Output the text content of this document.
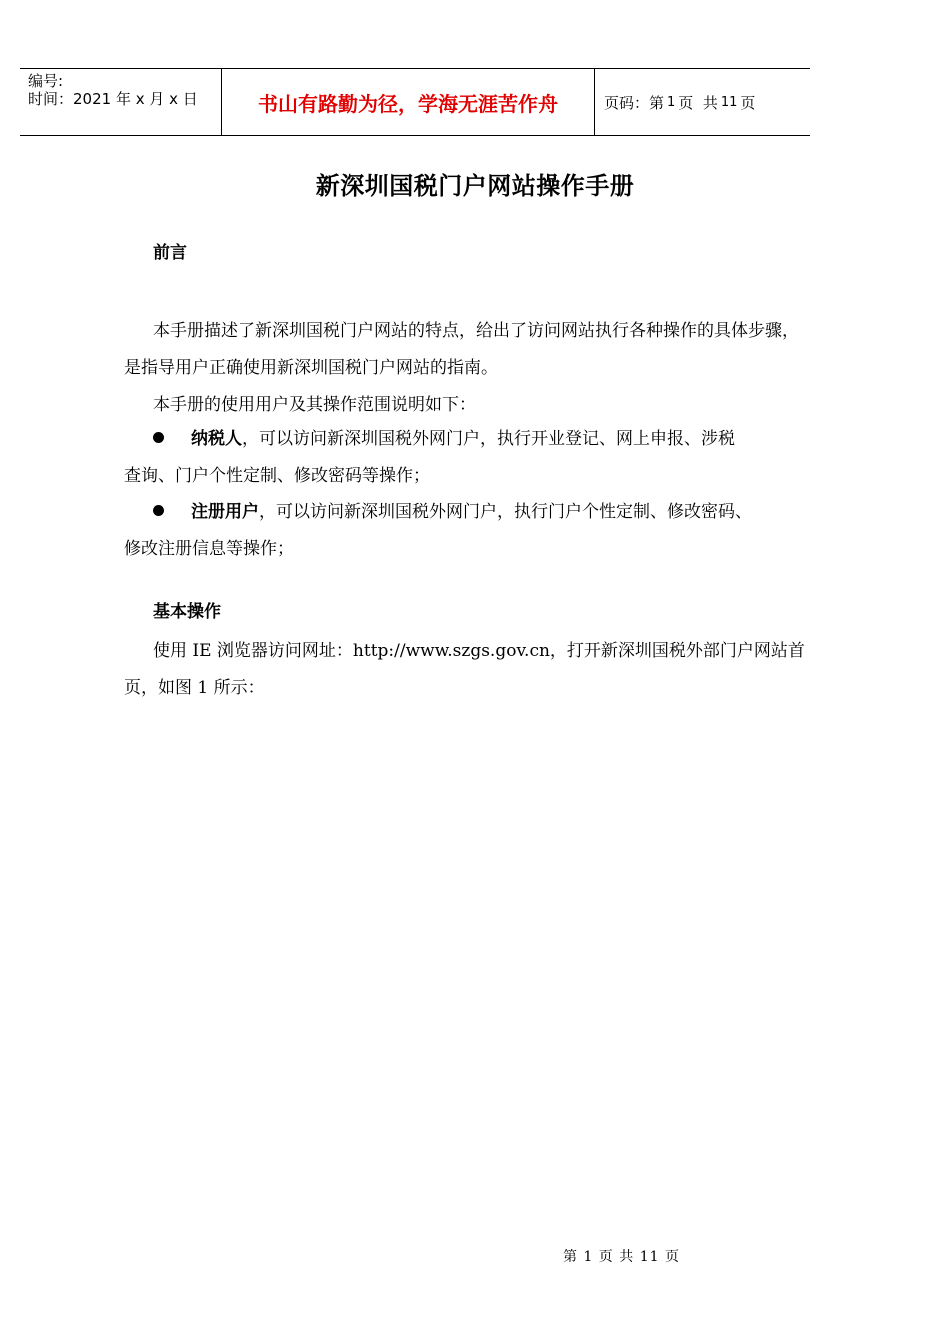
编号:
时间：2021 年 x 月 x 日	书山有路勤为径，学海无涯苦作舟	页码：第 1 页  共 11 页
新深圳国税门户网站操作手册
前言
本手册描述了新深圳国税门户网站的特点，给出了访问网站执行各种操作的具体步骤，是指导用户正确使用新深圳国税门户网站的指南。
本手册的使用用户及其操作范围说明如下：
纳税人，可以访问新深圳国税外网门户，执行开业登记、网上申报、涉税
查询、门户个性定制、修改密码等操作；
注册用户，可以访问新深圳国税外网门户，执行门户个性定制、修改密码、
修改注册信息等操作；
基本操作
使用 IE 浏览器访问网址：http://www.szgs.gov.cn，打开新深圳国税外部门户网站首页，如图 1 所示：
第 1 页 共 11 页
